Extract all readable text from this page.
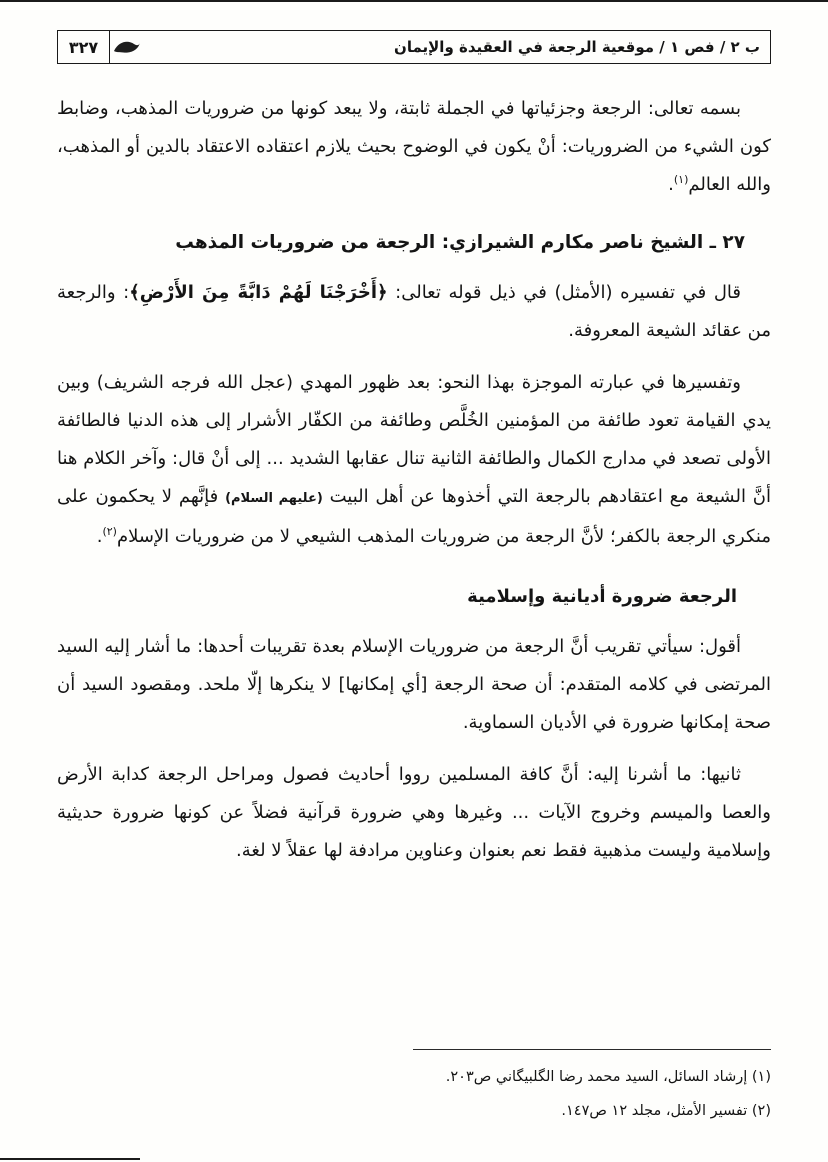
ب ٢ / فص ١ / موقعية الرجعة في العقيدة والإيمان
٣٢٧

بسمه تعالى: الرجعة وجزئياتها في الجملة ثابتة، ولا يبعد كونها من ضروريات المذهب، وضابط كون الشيء من الضروريات: أنْ يكون في الوضوح بحيث يلازم اعتقاده الاعتقاد بالدين أو المذهب، والله العالم$^{(١)}$.

٢٧ ـ الشيخ ناصر مكارم الشيرازي: الرجعة من ضروريات المذهب

قال في تفسيره (الأمثل) في ذيل قوله تعالى: ﴿أَخْرَجْنَا لَهُمْ دَابَّةً مِنَ الأَرْضِ﴾: والرجعة من عقائد الشيعة المعروفة.

وتفسيرها في عبارته الموجزة بهذا النحو: بعد ظهور المهدي (عجل الله فرجه الشريف) وبين يدي القيامة تعود طائفة من المؤمنين الخُلَّص وطائفة من الكفّار الأشرار إلى هذه الدنيا فالطائفة الأولى تصعد في مدارج الكمال والطائفة الثانية تنال عقابها الشديد ... إلى أنْ قال: وآخر الكلام هنا أنَّ الشيعة مع اعتقادهم بالرجعة التي أخذوها عن أهل البيت (عليهم السلام) فإنَّهم لا يحكمون على منكري الرجعة بالكفر؛ لأنَّ الرجعة من ضروريات المذهب الشيعي لا من ضروريات الإسلام$^{(٢)}$.

الرجعة ضرورة أديانية وإسلامية

أقول: سيأتي تقريب أنَّ الرجعة من ضروريات الإسلام بعدة تقريبات أحدها: ما أشار إليه السيد المرتضى في كلامه المتقدم: أن صحة الرجعة [أي إمكانها] لا ينكرها إلّا ملحد. ومقصود السيد أن صحة إمكانها ضرورة في الأديان السماوية.

ثانيها: ما أشرنا إليه: أنَّ كافة المسلمين رووا أحاديث فصول ومراحل الرجعة كدابة الأرض والعصا والميسم وخروج الآيات ... وغيرها وهي ضرورة قرآنية فضلاً عن كونها ضرورة حديثية وإسلامية وليست مذهبية فقط نعم بعنوان وعناوين مرادفة لها عقلاً لا لغة.

(١) إرشاد السائل، السيد محمد رضا الگلبيگاني ص٢٠٣.

(٢) تفسير الأمثل، مجلد ١٢ ص١٤٧.
